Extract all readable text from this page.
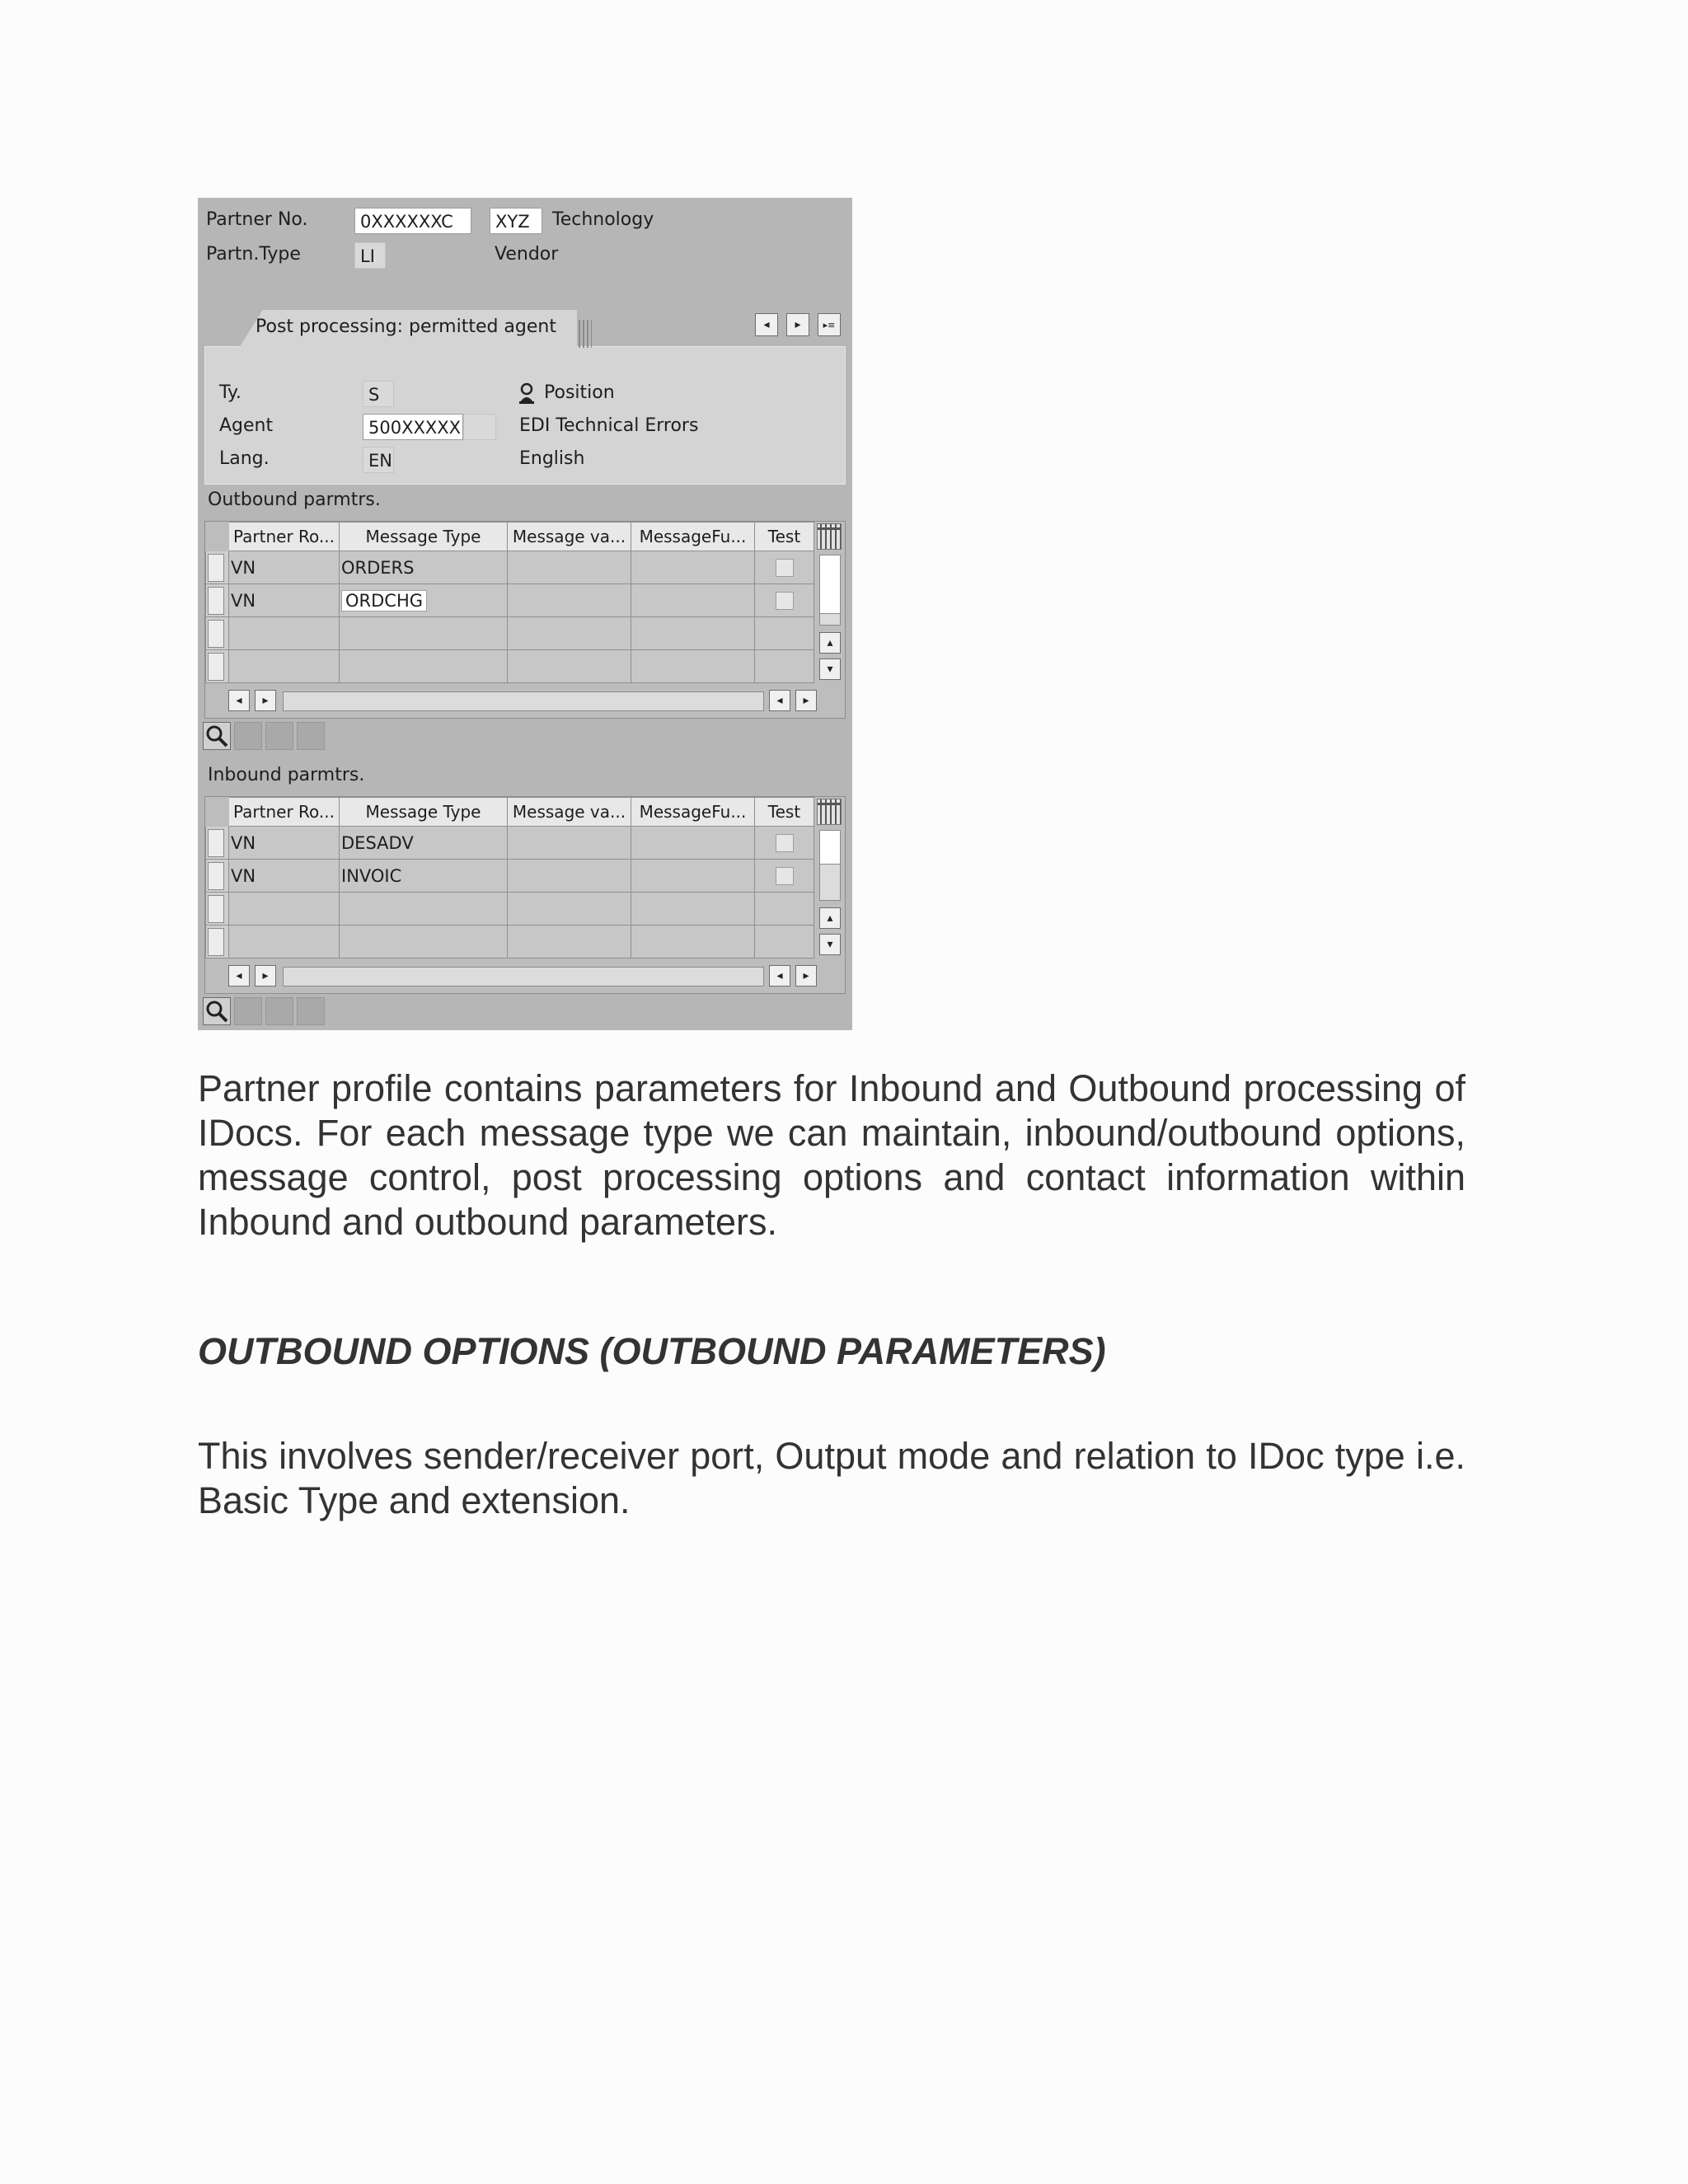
Partner No.	0XXXXXXC	XYZ	Technology
Partn.Type	LI	Vendor
Post processing: permitted agent	◂	▸	▸≡
Ty.	S	Position
Agent	500XXXXX	EDI Technical Errors
Lang.	EN	English
Outbound parmtrs.
	Partner Ro...	Message Type	Message va...	MessageFu...	Test

	VN	ORDERS			

	VN	ORDCHG			

▴
▾
◂	▸	◂	▸
Inbound parmtrs.
	Partner Ro...	Message Type	Message va...	MessageFu...	Test

	VN	DESADV			

	VN	INVOIC			

▴
▾
◂	▸	◂	▸

Partner profile contains parameters for Inbound and Outbound processing of IDocs. For each message type we can maintain, inbound/outbound options, message control, post processing options and contact information within Inbound and outbound parameters.

OUTBOUND OPTIONS (OUTBOUND PARAMETERS)

This involves sender/receiver port, Output mode and relation to IDoc type i.e. Basic Type and extension.
